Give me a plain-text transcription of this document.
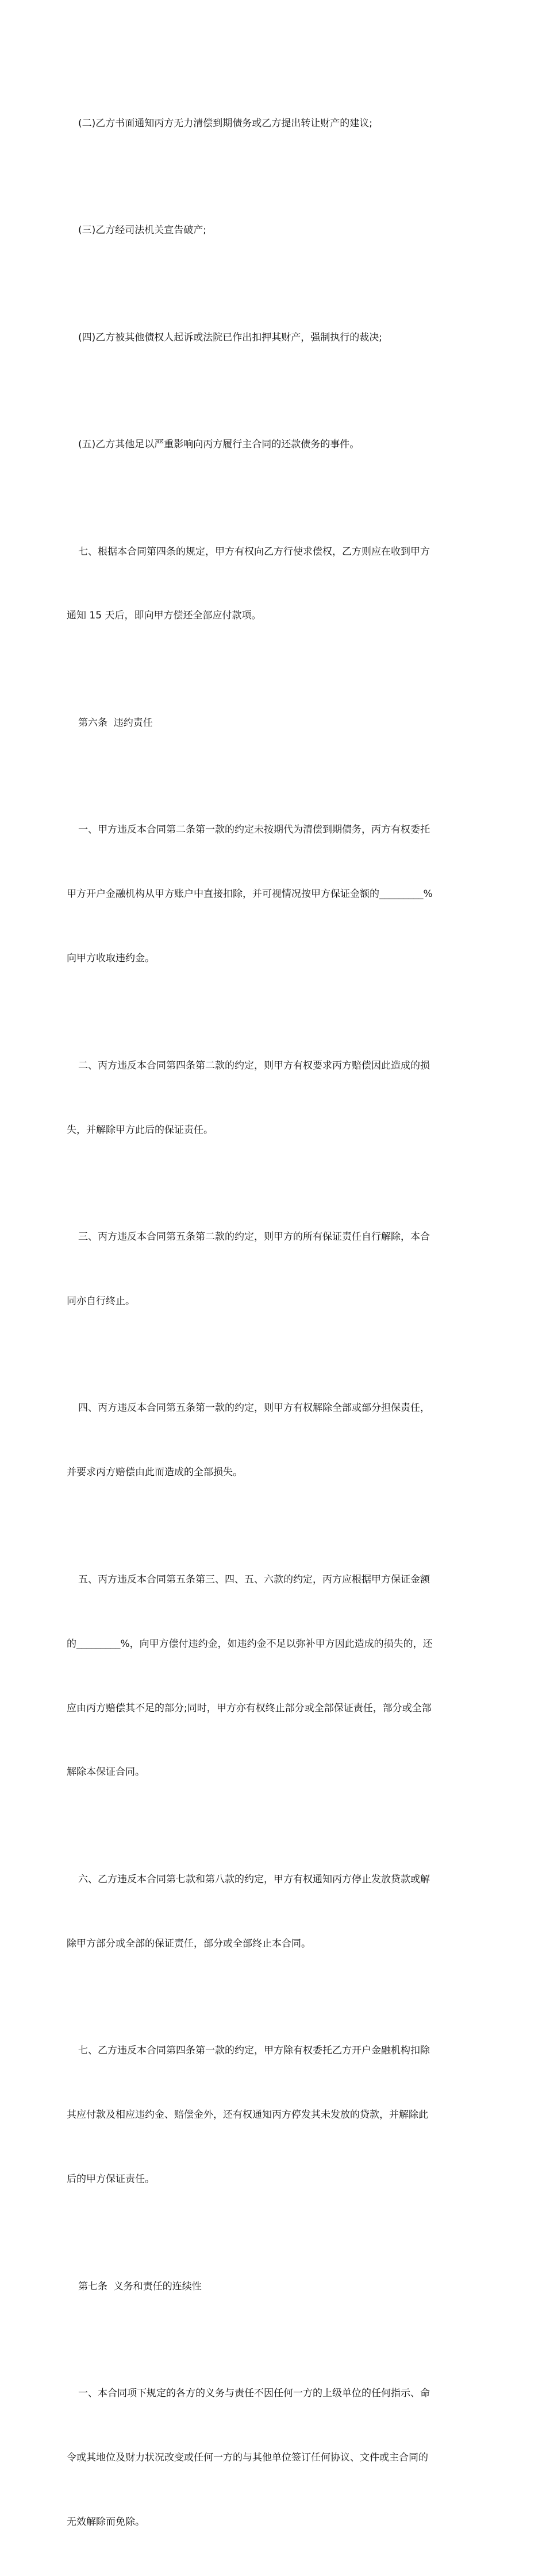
(二)乙方书面通知丙方无力清偿到期债务或乙方提出转让财产的建议;

(三)乙方经司法机关宣告破产;

(四)乙方被其他债权人起诉或法院已作出扣押其财产，强制执行的裁决;

(五)乙方其他足以严重影响向丙方履行主合同的还款债务的事件。

七、根据本合同第四条的规定，甲方有权向乙方行使求偿权，乙方则应在收到甲方

通知 15 天后，即向甲方偿还全部应付款项。

第六条  违约责任

一、甲方违反本合同第二条第一款的约定未按期代为清偿到期债务，丙方有权委托

甲方开户金融机构从甲方账户中直接扣除，并可视情况按甲方保证金额的_________%

向甲方收取违约金。

二、丙方违反本合同第四条第二款的约定，则甲方有权要求丙方赔偿因此造成的损

失，并解除甲方此后的保证责任。

三、丙方违反本合同第五条第二款的约定，则甲方的所有保证责任自行解除，本合

同亦自行终止。

四、丙方违反本合同第五条第一款的约定，则甲方有权解除全部或部分担保责任，

并要求丙方赔偿由此而造成的全部损失。

五、丙方违反本合同第五条第三、四、五、六款的约定，丙方应根据甲方保证金额

的_________%，向甲方偿付违约金，如违约金不足以弥补甲方因此造成的损失的，还

应由丙方赔偿其不足的部分;同时，甲方亦有权终止部分或全部保证责任，部分或全部

解除本保证合同。

六、乙方违反本合同第七款和第八款的约定，甲方有权通知丙方停止发放贷款或解

除甲方部分或全部的保证责任，部分或全部终止本合同。

七、乙方违反本合同第四条第一款的约定，甲方除有权委托乙方开户金融机构扣除

其应付款及相应违约金、赔偿金外，还有权通知丙方停发其未发放的贷款，并解除此

后的甲方保证责任。

第七条  义务和责任的连续性

一、本合同项下规定的各方的义务与责任不因任何一方的上级单位的任何指示、命

令或其地位及财力状况改变或任何一方的与其他单位签订任何协议、文件或主合同的

无效解除而免除。
